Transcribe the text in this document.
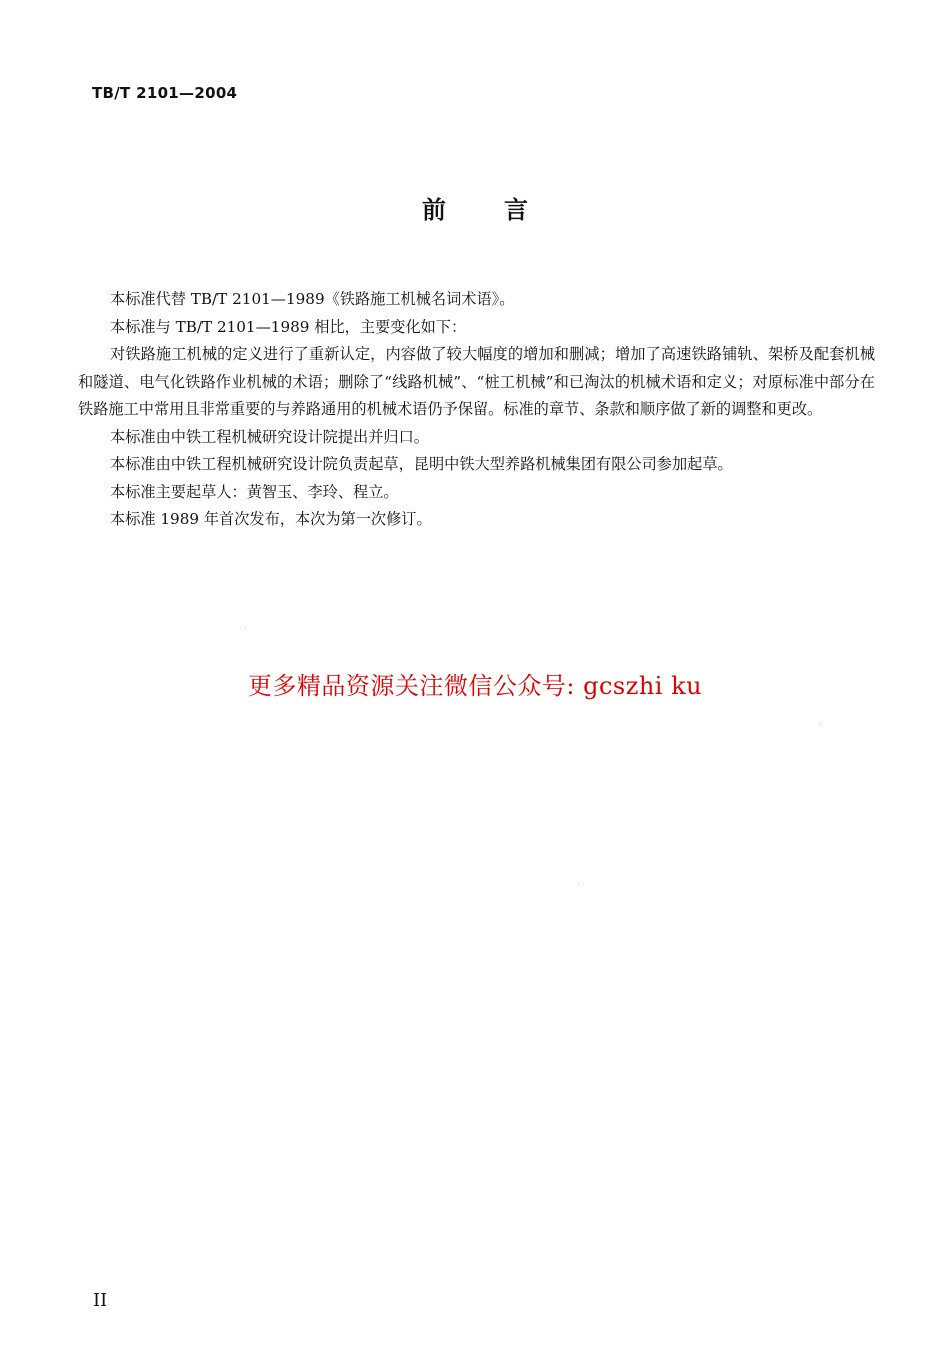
TB/T 2101—2004
前 言

本标准代替 TB/T 2101—1989《铁路施工机械名词术语》。

本标准与 TB/T 2101—1989 相比，主要变化如下：

对铁路施工机械的定义进行了重新认定，内容做了较大幅度的增加和删减；增加了高速铁路铺轨、架桥及配套机械和隧道、电气化铁路作业机械的术语；删除了“线路机械”、“桩工机械”和已淘汰的机械术语和定义；对原标准中部分在铁路施工中常用且非常重要的与养路通用的机械术语仍予保留。标准的章节、条款和顺序做了新的调整和更改。

本标准由中铁工程机械研究设计院提出并归口。

本标准由中铁工程机械研究设计院负责起草，昆明中铁大型养路机械集团有限公司参加起草。

本标准主要起草人：黄智玉、李玲、程立。

本标准 1989 年首次发布，本次为第一次修订。

更多精品资源关注微信公众号: gcszhi ku
II
